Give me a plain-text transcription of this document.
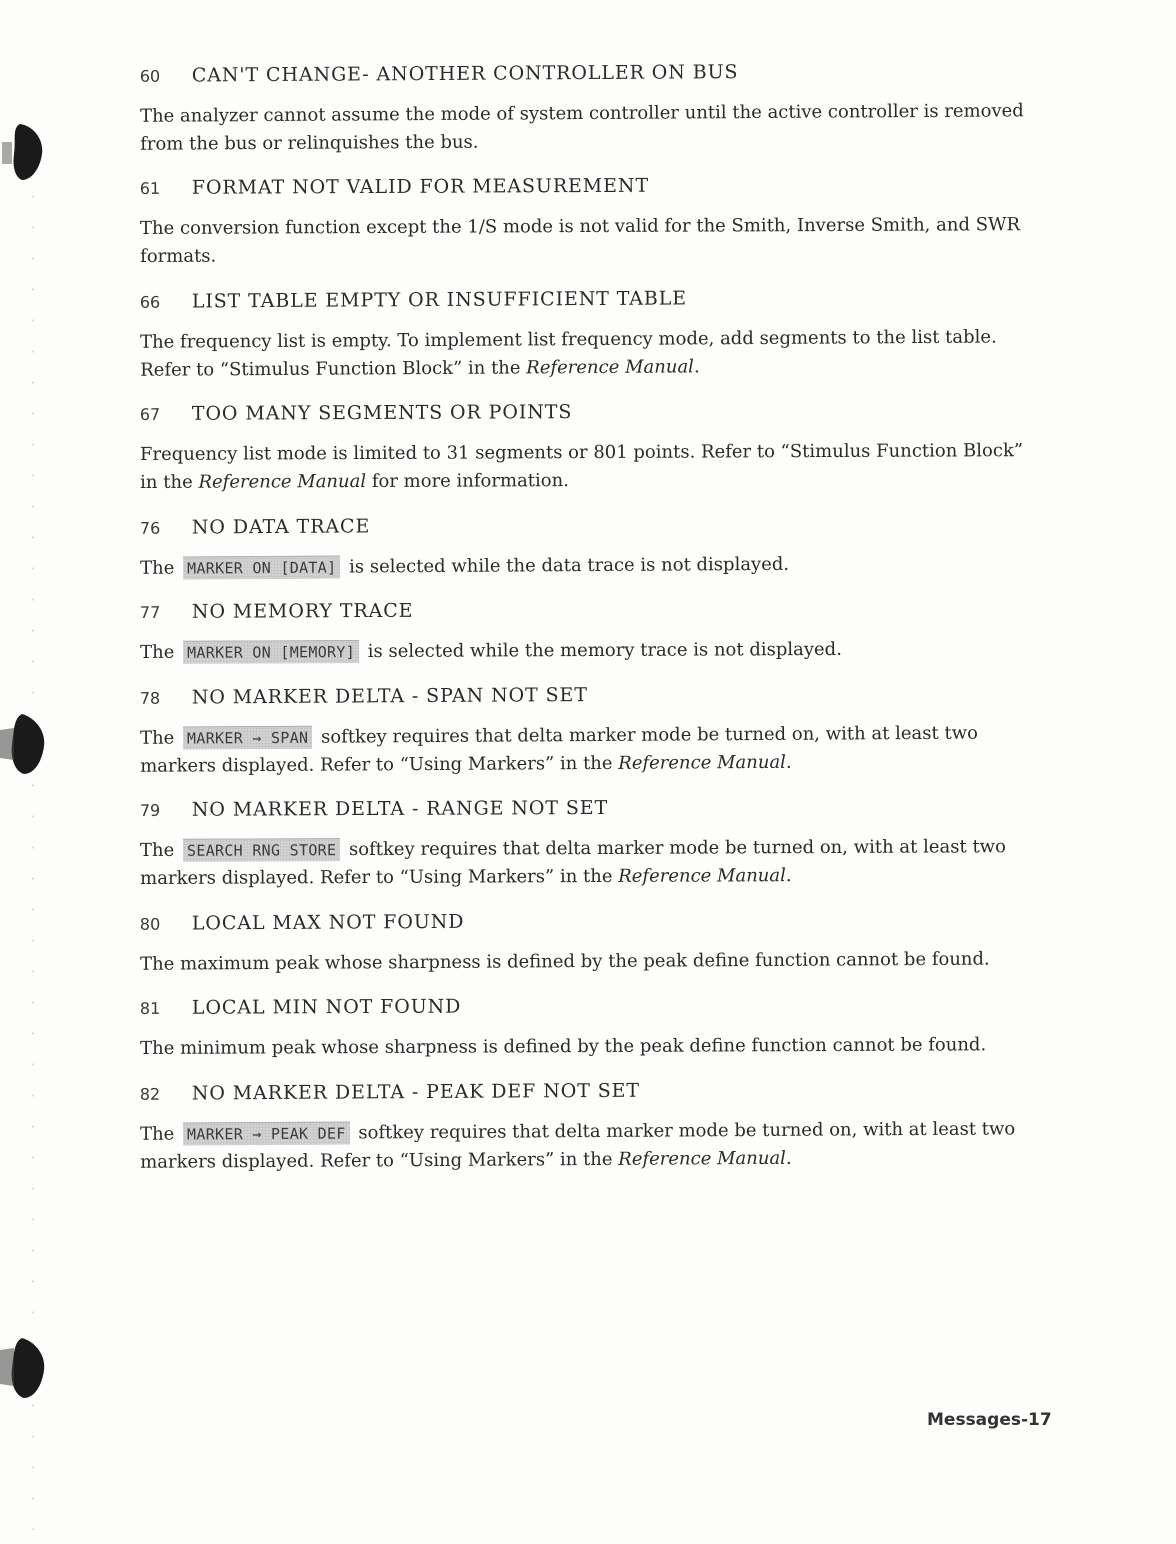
60	CAN'T CHANGE- ANOTHER CONTROLLER ON BUS

The analyzer cannot assume the mode of system controller until the active controller is removed from the bus or relinquishes the bus.

61	FORMAT NOT VALID FOR MEASUREMENT

The conversion function except the 1/S mode is not valid for the Smith, Inverse Smith, and SWR formats.

66	LIST TABLE EMPTY OR INSUFFICIENT TABLE

The frequency list is empty. To implement list frequency mode, add segments to the list table. Refer to “Stimulus Function Block” in the Reference Manual.

67	TOO MANY SEGMENTS OR POINTS

Frequency list mode is limited to 31 segments or 801 points. Refer to “Stimulus Function Block” in the Reference Manual for more information.

76	NO DATA TRACE

The MARKER ON [DATA] is selected while the data trace is not displayed.

77	NO MEMORY TRACE

The MARKER ON [MEMORY] is selected while the memory trace is not displayed.

78	NO MARKER DELTA - SPAN NOT SET

The MARKER → SPAN softkey requires that delta marker mode be turned on, with at least two markers displayed. Refer to “Using Markers” in the Reference Manual.

79	NO MARKER DELTA - RANGE NOT SET

The SEARCH RNG STORE softkey requires that delta marker mode be turned on, with at least two markers displayed. Refer to “Using Markers” in the Reference Manual.

80	LOCAL MAX NOT FOUND

The maximum peak whose sharpness is defined by the peak define function cannot be found.

81	LOCAL MIN NOT FOUND

The minimum peak whose sharpness is defined by the peak define function cannot be found.

82	NO MARKER DELTA - PEAK DEF NOT SET

The MARKER → PEAK DEF softkey requires that delta marker mode be turned on, with at least two markers displayed. Refer to “Using Markers” in the Reference Manual.

Messages-17
